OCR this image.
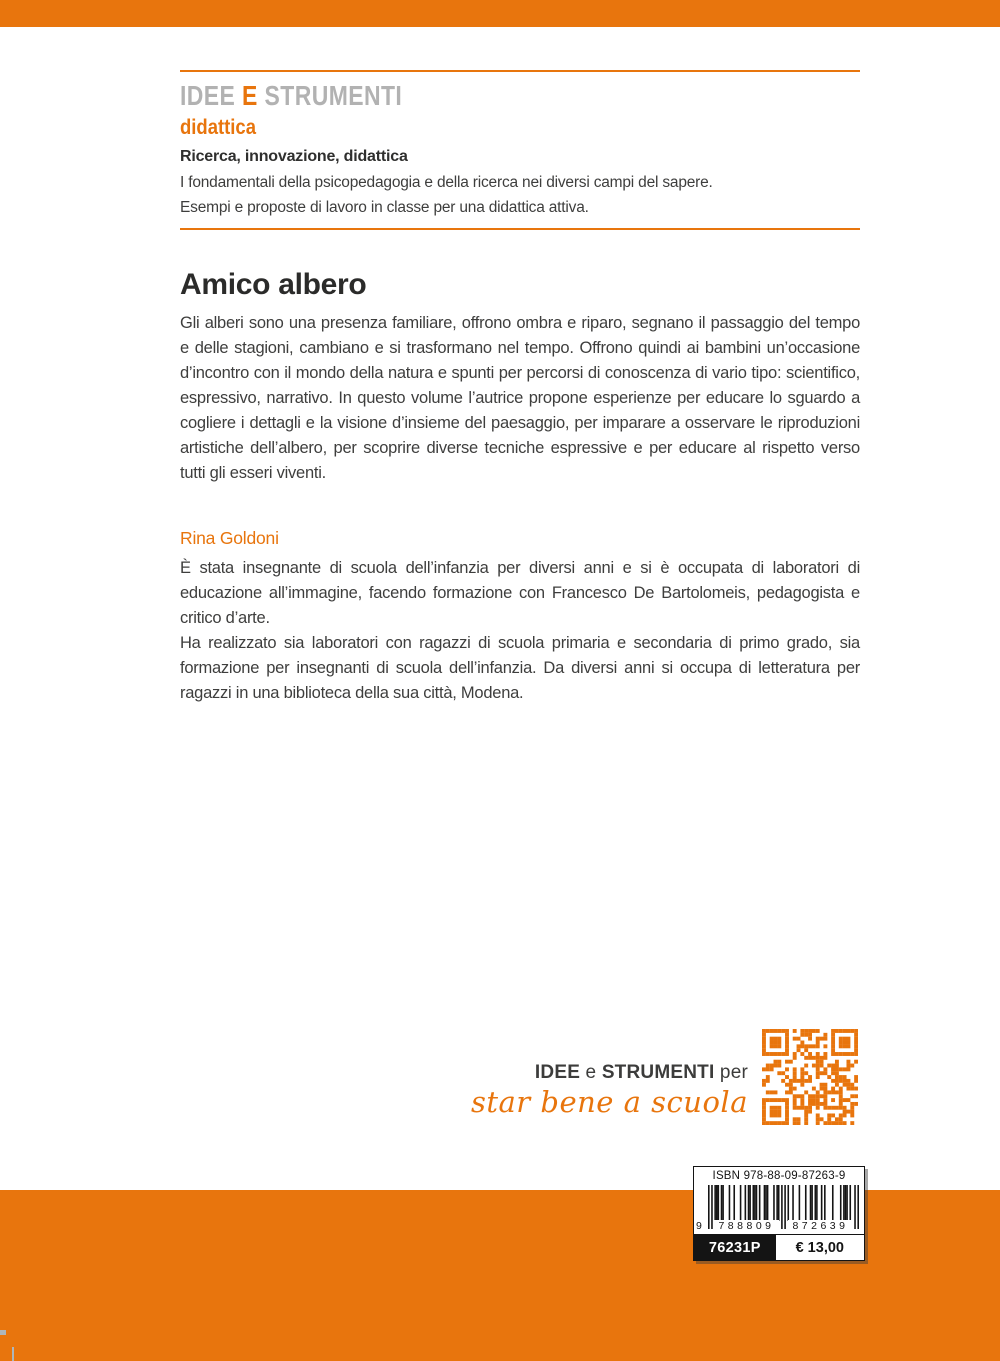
IDEE E STRUMENTI
didattica
Ricerca, innovazione, didattica
I fondamentali della psicopedagogia e della ricerca nei diversi campi del sapere. Esempi e proposte di lavoro in classe per una didattica attiva.
Amico albero

Gli alberi sono una presenza familiare, offrono ombra e riparo, segnano il passaggio del tempo e delle stagioni, cambiano e si trasformano nel tempo. Offrono quindi ai bambini un’occasione d’incontro con il mondo della natura e spunti per percorsi di conoscenza di vario tipo: scientifico, espressivo, narrativo. In questo volume l’autrice propone esperienze per educare lo sguardo a cogliere i dettagli e la visione d’insieme del paesaggio, per imparare a osservare le riproduzioni artistiche dell’albero, per scoprire diverse tecniche espressive e per educare al rispetto verso tutti gli esseri viventi.

Rina Goldoni

È stata insegnante di scuola dell’infanzia per diversi anni e si è occupata di laboratori di educazione all’immagine, facendo formazione con Francesco De Bartolomeis, pedagogista e critico d’arte.

Ha realizzato sia laboratori con ragazzi di scuola primaria e secondaria di primo grado, sia formazione per insegnanti di scuola dell’infanzia. Da diversi anni si occupa di letteratura per ragazzi in una biblioteca della sua città, Modena.

IDEE e STRUMENTI per
star bene a scuola
ISBN 978-88-09-87263-9
9	788809	872639
76231P	€ 13,00
